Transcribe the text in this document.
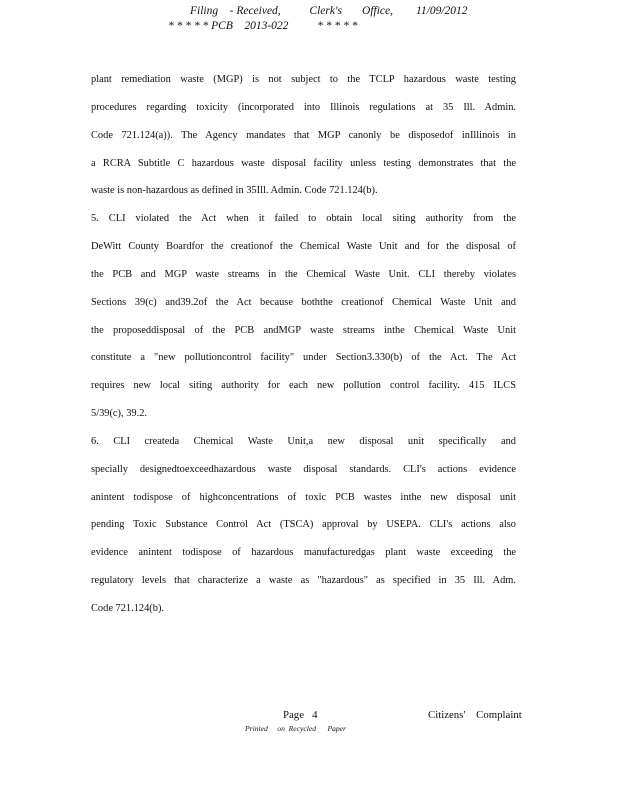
Filing    - Received,          Clerk's       Office,        11/09/2012
* * * * * PCB    2013-022          * * * * *
plant remediation waste (MGP) is not subject to the TCLP hazardous waste testing
procedures regarding toxicity (incorporated into Illinois regulations at 35 Ill. Admin.
Code 721.124(a)). The Agency mandates that MGP canonly be disposedof inIllinois in
a RCRA Subtitle C hazardous waste disposal facility unless testing demonstrates that the
waste is non-hazardous as defined in 35Ill. Admin. Code 721.124(b).
5. CLI violated the Act when it failed to obtain local siting authority from the
DeWitt County Boardfor the creationof the Chemical Waste Unit and for the disposal of
the PCB and MGP waste streams in the Chemical Waste Unit. CLI thereby violates
Sections 39(c) and39.2of the Act because boththe creationof Chemical Waste Unit and
the proposeddisposal of the PCB andMGP waste streams inthe Chemical Waste Unit
constitute a "new pollutioncontrol facility" under Section3.330(b) of the Act. The Act
requires new local siting authority for each new pollution control facility. 415 ILCS
5/39(c), 39.2.
6. CLI createda Chemical Waste Unit,a new disposal unit specifically and
specially designedtoexceedhazardous waste disposal standards. CLI's actions evidence
anintent todispose of highconcentrations of toxic PCB wastes inthe new disposal unit
pending Toxic Substance Control Act (TSCA) approval by USEPA. CLI's actions also
evidence anintent todispose of hazardous manufacturedgas plant waste exceeding the
regulatory levels that characterize a waste as "hazardous" as specified in 35 Ill. Adm.
Code 721.124(b).
Page   4	Citizens'    Complaint
Printed     on  Recycled      Paper
